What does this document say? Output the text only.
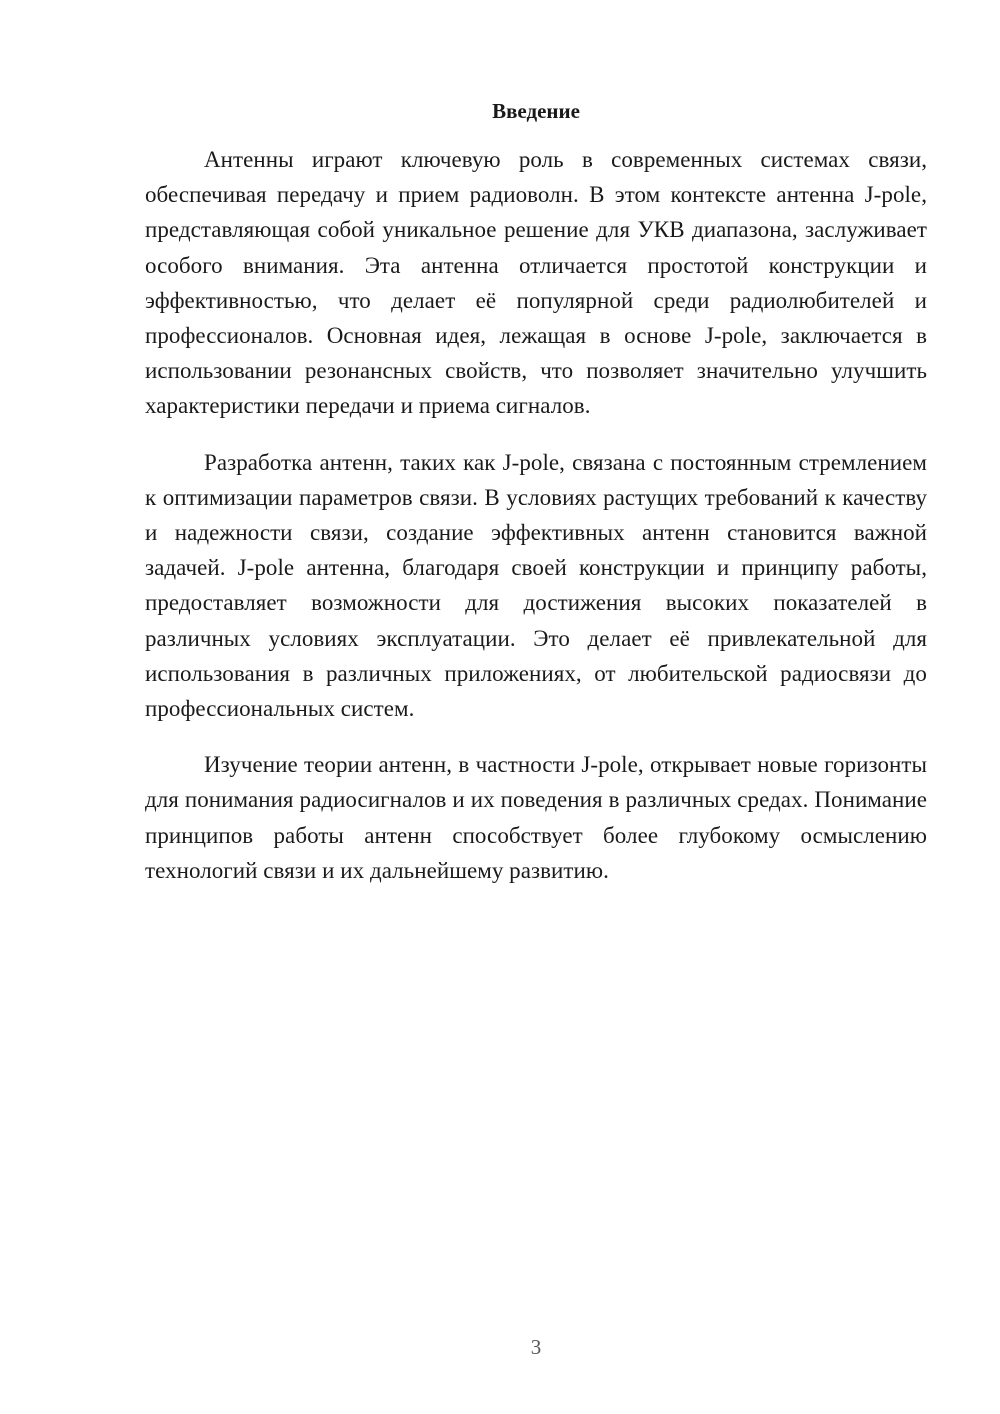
Введение

Антенны играют ключевую роль в современных системах связи, обеспечивая передачу и прием радиоволн. В этом контексте антенна J-pole, представляющая собой уникальное решение для УКВ диапазона, заслуживает особого внимания. Эта антенна отличается простотой конструкции и эффективностью, что делает её популярной среди радиолюбителей и профессионалов. Основная идея, лежащая в основе J-pole, заключается в использовании резонансных свойств, что позволяет значительно улучшить характеристики передачи и приема сигналов.

Разработка антенн, таких как J-pole, связана с постоянным стремлением к оптимизации параметров связи. В условиях растущих требований к качеству и надежности связи, создание эффективных антенн становится важной задачей. J-pole антенна, благодаря своей конструкции и принципу работы, предоставляет возможности для достижения высоких показателей в различных условиях эксплуатации. Это делает её привлекательной для использования в различных приложениях, от любительской радиосвязи до профессиональных систем.

Изучение теории антенн, в частности J-pole, открывает новые горизонты для понимания радиосигналов и их поведения в различных средах. Понимание принципов работы антенн способствует более глубокому осмыслению технологий связи и их дальнейшему развитию.

3
